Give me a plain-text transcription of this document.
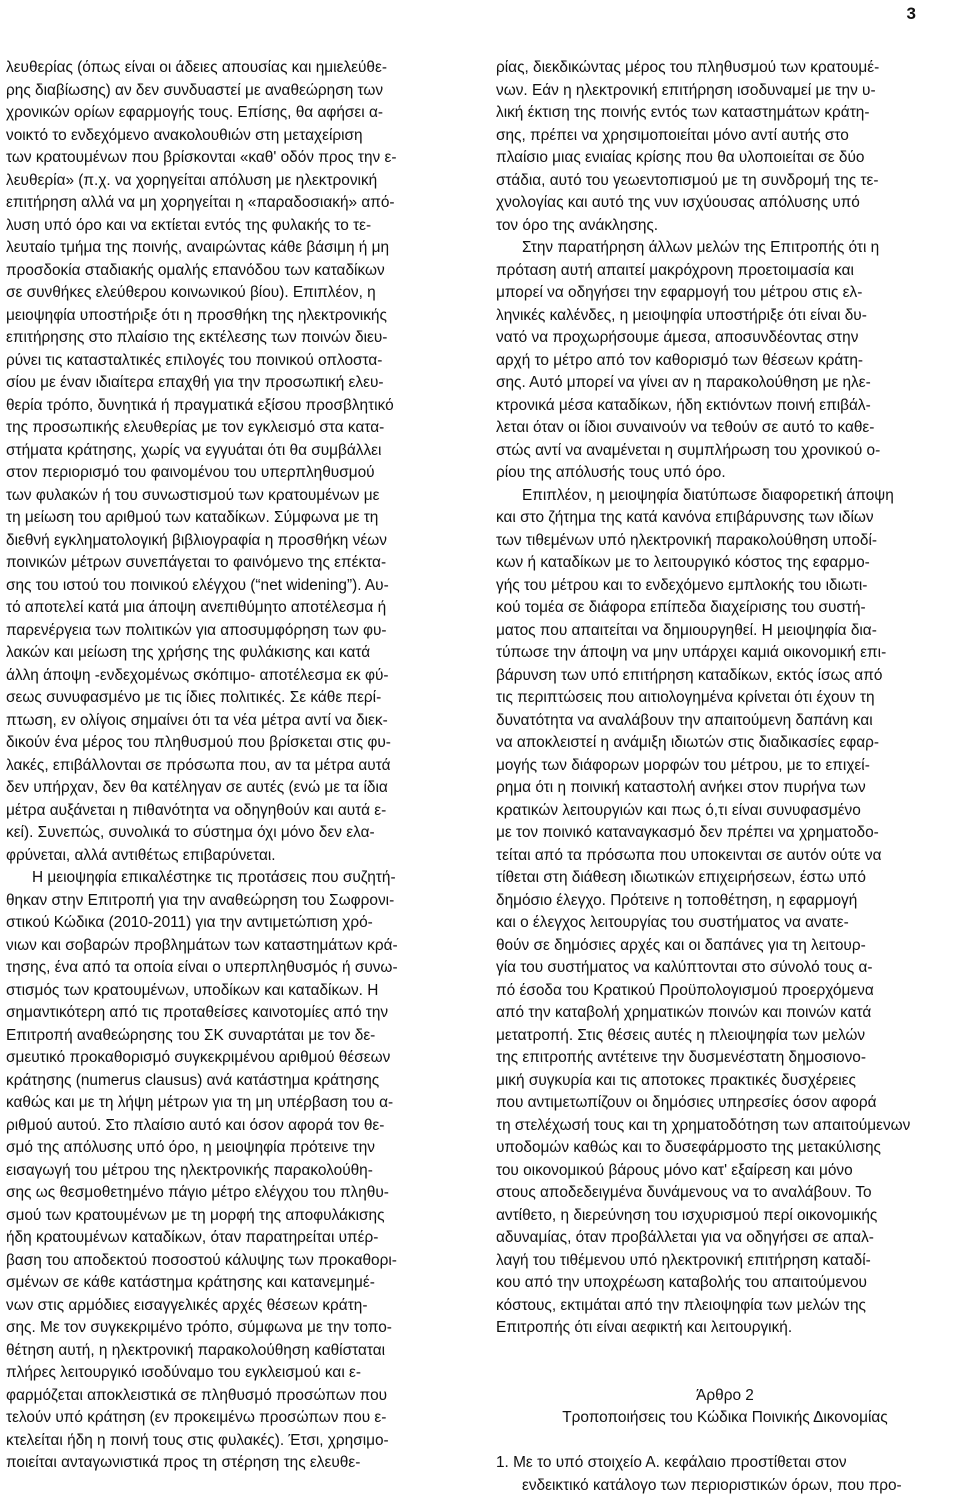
3
λευθερίας (όπως είναι οι άδειες απουσίας και ημιελεύθε-
ρης διαβίωσης) αν δεν συνδυαστεί με αναθεώρηση των
χρονικών ορίων εφαρμογής τους. Επίσης, θα αφήσει α-
νοικτό το ενδεχόμενο ανακολουθιών στη μεταχείριση
των κρατουμένων που βρίσκονται «καθ' οδόν προς την ε-
λευθερία» (π.χ. να χορηγείται απόλυση με ηλεκτρονική
επιτήρηση αλλά να μη χορηγείται η «παραδοσιακή» από-
λυση υπό όρο και να εκτίεται εντός της φυλακής το τε-
λευταίο τμήμα της ποινής, αναιρώντας κάθε βάσιμη ή μη
προσδοκία σταδιακής ομαλής επανόδου των καταδίκων
σε συνθήκες ελεύθερου κοινωνικού βίου). Επιπλέον, η
μειοψηφία υποστήριξε ότι η προσθήκη της ηλεκτρονικής
επιτήρησης στο πλαίσιο της εκτέλεσης των ποινών διευ-
ρύνει τις κατασταλτικές επιλογές του ποινικού οπλοστα-
σίου με έναν ιδιαίτερα επαχθή για την προσωπική ελευ-
θερία τρόπο, δυνητικά ή πραγματικά εξίσου προσβλητικό
της προσωπικής ελευθερίας με τον εγκλεισμό στα κατα-
στήματα κράτησης, χωρίς να εγγυάται ότι θα συμβάλλει
στον περιορισμό του φαινομένου του υπερπληθυσμού
των φυλακών ή του συνωστισμού των κρατουμένων με
τη μείωση του αριθμού των καταδίκων. Σύμφωνα με τη
διεθνή εγκληματολογική βιβλιογραφία η προσθήκη νέων
ποινικών μέτρων συνεπάγεται το φαινόμενο της επέκτα-
σης του ιστού του ποινικού ελέγχου (“net widening”). Αυ-
τό αποτελεί κατά μια άποψη ανεπιθύμητο αποτέλεσμα ή
παρενέργεια των πολιτικών για αποσυμφόρηση των φυ-
λακών και μείωση της χρήσης της φυλάκισης και κατά
άλλη άποψη -ενδεχομένως σκόπιμο- αποτέλεσμα εκ φύ-
σεως συνυφασμένο με τις ίδιες πολιτικές. Σε κάθε περί-
πτωση, εν ολίγοις σημαίνει ότι τα νέα μέτρα αντί να διεκ-
δικούν ένα μέρος του πληθυσμού που βρίσκεται στις φυ-
λακές, επιβάλλονται σε πρόσωπα που, αν τα μέτρα αυτά
δεν υπήρχαν, δεν θα κατέληγαν σε αυτές (ενώ με τα ίδια
μέτρα αυξάνεται η πιθανότητα να οδηγηθούν και αυτά ε-
κεί). Συνεπώς, συνολικά το σύστημα όχι μόνο δεν ελα-
φρύνεται, αλλά αντιθέτως επιβαρύνεται.
Η μειοψηφία επικαλέστηκε τις προτάσεις που συζητή-
θηκαν στην Επιτροπή για την αναθεώρηση του Σωφρονι-
στικού Κώδικα (2010-2011) για την αντιμετώπιση χρό-
νιων και σοβαρών προβλημάτων των καταστημάτων κρά-
τησης, ένα από τα οποία είναι ο υπερπληθυσμός ή συνω-
στισμός των κρατουμένων, υποδίκων και καταδίκων. Η
σημαντικότερη από τις προταθείσες καινοτομίες από την
Επιτροπή αναθεώρησης του ΣΚ συναρτάται με τον δε-
σμευτικό προκαθορισμό συγκεκριμένου αριθμού θέσεων
κράτησης (numerus clausus) ανά κατάστημα κράτησης
καθώς και με τη λήψη μέτρων για τη μη υπέρβαση του α-
ριθμού αυτού. Στο πλαίσιο αυτό και όσον αφορά τον θε-
σμό της απόλυσης υπό όρο, η μειοψηφία πρότεινε την
εισαγωγή του μέτρου της ηλεκτρονικής παρακολούθη-
σης ως θεσμοθετημένο πάγιο μέτρο ελέγχου του πληθυ-
σμού των κρατουμένων με τη μορφή της αποφυλάκισης
ήδη κρατουμένων καταδίκων, όταν παρατηρείται υπέρ-
βαση του αποδεκτού ποσοστού κάλυψης των προκαθορι-
σμένων σε κάθε κατάστημα κράτησης και κατανεμημέ-
νων στις αρμόδιες εισαγγελικές αρχές θέσεων κράτη-
σης. Με τον συγκεκριμένο τρόπο, σύμφωνα με την τοπο-
θέτηση αυτή, η ηλεκτρονική παρακολούθηση καθίσταται
πλήρες λειτουργικό ισοδύναμο του εγκλεισμού και ε-
φαρμόζεται αποκλειστικά σε πληθυσμό προσώπων που
τελούν υπό κράτηση (εν προκειμένω προσώπων που ε-
κτελείται ήδη η ποινή τους στις φυλακές). Έτσι, χρησιμο-
ποιείται ανταγωνιστικά προς τη στέρηση της ελευθε-
ρίας, διεκδικώντας μέρος του πληθυσμού των κρατουμέ-
νων. Εάν η ηλεκτρονική επιτήρηση ισοδυναμεί με την υ-
λική έκτιση της ποινής εντός των καταστημάτων κράτη-
σης, πρέπει να χρησιμοποιείται μόνο αντί αυτής στο
πλαίσιο μιας ενιαίας κρίσης που θα υλοποιείται σε δύο
στάδια, αυτό του γεωεντοπισμού με τη συνδρομή της τε-
χνολογίας και αυτό της νυν ισχύουσας απόλυσης υπό
τον όρο της ανάκλησης.
Στην παρατήρηση άλλων μελών της Επιτροπής ότι η
πρόταση αυτή απαιτεί μακρόχρονη προετοιμασία και
μπορεί να οδηγήσει την εφαρμογή του μέτρου στις ελ-
ληνικές καλένδες, η μειοψηφία υποστήριξε ότι είναι δυ-
νατό να προχωρήσουμε άμεσα, αποσυνδέοντας στην
αρχή το μέτρο από τον καθορισμό των θέσεων κράτη-
σης. Αυτό μπορεί να γίνει αν η παρακολούθηση με ηλε-
κτρονικά μέσα καταδίκων, ήδη εκτιόντων ποινή επιβάλ-
λεται όταν οι ίδιοι συναινούν να τεθούν σε αυτό το καθε-
στώς αντί να αναμένεται η συμπλήρωση του χρονικού ο-
ρίου της απόλυσής τους υπό όρο.
Επιπλέον, η μειοψηφία διατύπωσε διαφορετική άποψη
και στο ζήτημα της κατά κανόνα επιβάρυνσης των ιδίων
των τιθεμένων υπό ηλεκτρονική παρακολούθηση υποδί-
κων ή καταδίκων με το λειτουργικό κόστος της εφαρμο-
γής του μέτρου και το ενδεχόμενο εμπλοκής του ιδιωτι-
κού τομέα σε διάφορα επίπεδα διαχείρισης του συστή-
ματος που απαιτείται να δημιουργηθεί. Η μειοψηφία δια-
τύπωσε την άποψη να μην υπάρχει καμιά οικονομική επι-
βάρυνση των υπό επιτήρηση καταδίκων, εκτός ίσως από
τις περιπτώσεις που αιτιολογημένα κρίνεται ότι έχουν τη
δυνατότητα να αναλάβουν την απαιτούμενη δαπάνη και
να αποκλειστεί η ανάμιξη ιδιωτών στις διαδικασίες εφαρ-
μογής των διάφορων μορφών του μέτρου, με το επιχεί-
ρημα ότι η ποινική καταστολή ανήκει στον πυρήνα των
κρατικών λειτουργιών και πως ό,τι είναι συνυφασμένο
με τον ποινικό καταναγκασμό δεν πρέπει να χρηματοδο-
τείται από τα πρόσωπα που υποκεινται σε αυτόν ούτε να
τίθεται στη διάθεση ιδιωτικών επιχειρήσεων, έστω υπό
δημόσιο έλεγχο. Πρότεινε η τοποθέτηση, η εφαρμογή
και ο έλεγχος λειτουργίας του συστήματος να ανατε-
θούν σε δημόσιες αρχές και οι δαπάνες για τη λειτουρ-
γία του συστήματος να καλύπτονται στο σύνολό τους α-
πό έσοδα του Κρατικού Προϋπολογισμού προερχόμενα
από την καταβολή χρηματικών ποινών και ποινών κατά
μετατροπή. Στις θέσεις αυτές η πλειοψηφία των μελών
της επιτροπής αντέτεινε την δυσμενέστατη δημοσιονο-
μική συγκυρία και τις αποτοκες πρακτικές δυσχέρειες
που αντιμετωπίζουν οι δημόσιες υπηρεσίες όσον αφορά
τη στελέχωσή τους και τη χρηματοδότηση των απαιτούμενων
υποδομών καθώς και το δυσεφάρμοστο της μετακύλισης
του οικονομικού βάρους μόνο κατ' εξαίρεση και μόνο
στους αποδεδειγμένα δυνάμενους να το αναλάβουν. Το
αντίθετο, η διερεύνηση του ισχυρισμού περί οικονομικής
αδυναμίας, όταν προβάλλεται για να οδηγήσει σε απαλ-
λαγή του τιθέμενου υπό ηλεκτρονική επιτήρηση καταδί-
κου από την υποχρέωση καταβολής του απαιτούμενου
κόστους, εκτιμάται από την πλειοψηφία των μελών της
Επιτροπής ότι είναι αεφικτή και λειτουργική.
Άρθρο 2
Τροποποιήσεις του Κώδικα Ποινικής Δικονομίας
1. Με το υπό στοιχείο Α. κεφάλαιο προστίθεται στον
ενδεικτικό κατάλογο των περιοριστικών όρων, που προ-
